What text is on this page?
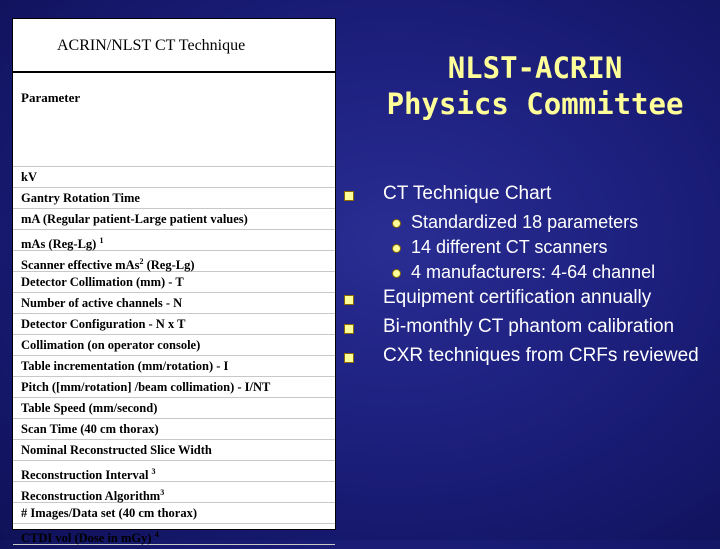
ACRIN/NLST CT Technique
Parameter
kV
Gantry Rotation Time
mA (Regular patient-Large patient values)
mAs (Reg-Lg) $^1$
Scanner effective mAs$^2$ (Reg-Lg)
Detector Collimation (mm) - T
Number of active channels - N
Detector Configuration - N x T
Collimation (on operator console)
Table incrementation (mm/rotation) - I
Pitch ([mm/rotation] /beam collimation) - I/NT
Table Speed (mm/second)
Scan Time (40 cm thorax)
Nominal Reconstructed Slice Width
Reconstruction Interval $^3$
Reconstruction Algorithm$^3$
# Images/Data set (40 cm thorax)
CTDI vol (Dose in mGy) $^4$
NLST-ACRIN
Physics Committee
CT Technique Chart
Standardized 18 parameters
14 different CT scanners
4 manufacturers: 4-64 channel
Equipment certification annually
Bi-monthly CT phantom calibration
CXR techniques from CRFs reviewed
